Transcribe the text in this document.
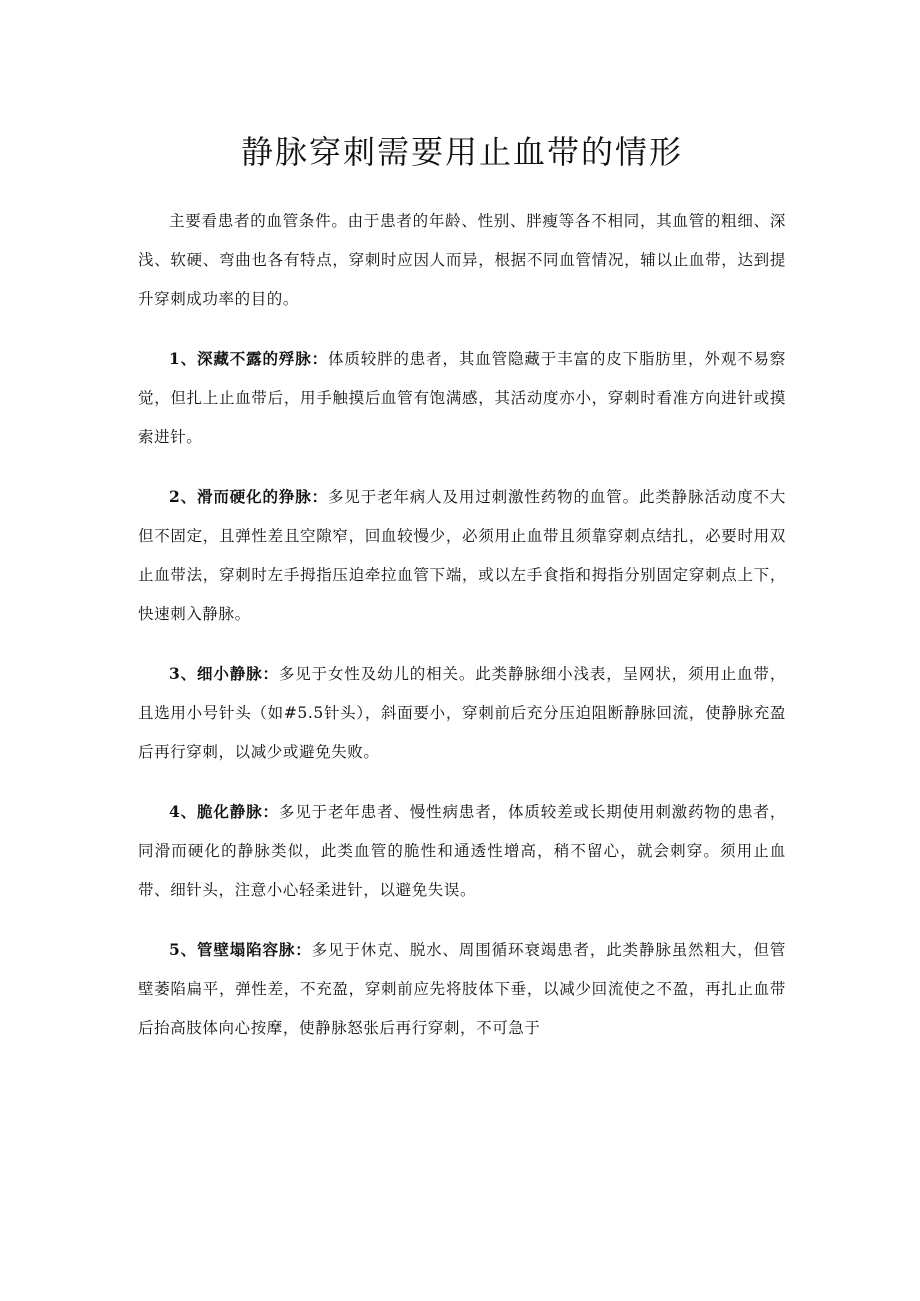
静脉穿刺需要用止血带的情形

主要看患者的血管条件。由于患者的年龄、性别、胖瘦等各不相同，其血管的粗细、深浅、软硬、弯曲也各有特点，穿刺时应因人而异，根据不同血管情况，辅以止血带，达到提升穿刺成功率的目的。

1、深藏不露的殍脉：体质较胖的患者，其血管隐藏于丰富的皮下脂肪里，外观不易察觉，但扎上止血带后，用手触摸后血管有饱满感，其活动度亦小，穿刺时看准方向进针或摸索进针。

2、滑而硬化的狰脉：多见于老年病人及用过刺激性药物的血管。此类静脉活动度不大但不固定，且弹性差且空隙窄，回血较慢少，必须用止血带且须靠穿刺点结扎，必要时用双止血带法，穿刺时左手拇指压迫牵拉血管下端，或以左手食指和拇指分别固定穿刺点上下，快速刺入静脉。

3、细小静脉：多见于女性及幼儿的相关。此类静脉细小浅表，呈网状，须用止血带，且选用小号针头（如#5.5针头），斜面要小，穿刺前后充分压迫阻断静脉回流，使静脉充盈后再行穿刺，以减少或避免失败。

4、脆化静脉：多见于老年患者、慢性病患者，体质较差或长期使用刺激药物的患者，同滑而硬化的静脉类似，此类血管的脆性和通透性增高，稍不留心，就会刺穿。须用止血带、细针头，注意小心轻柔进针，以避免失误。

5、管壁塌陷容脉：多见于休克、脱水、周围循环衰竭患者，此类静脉虽然粗大，但管壁萎陷扁平，弹性差，不充盈，穿刺前应先将肢体下垂，以减少回流使之不盈，再扎止血带后抬高肢体向心按摩，使静脉怒张后再行穿刺，不可急于
